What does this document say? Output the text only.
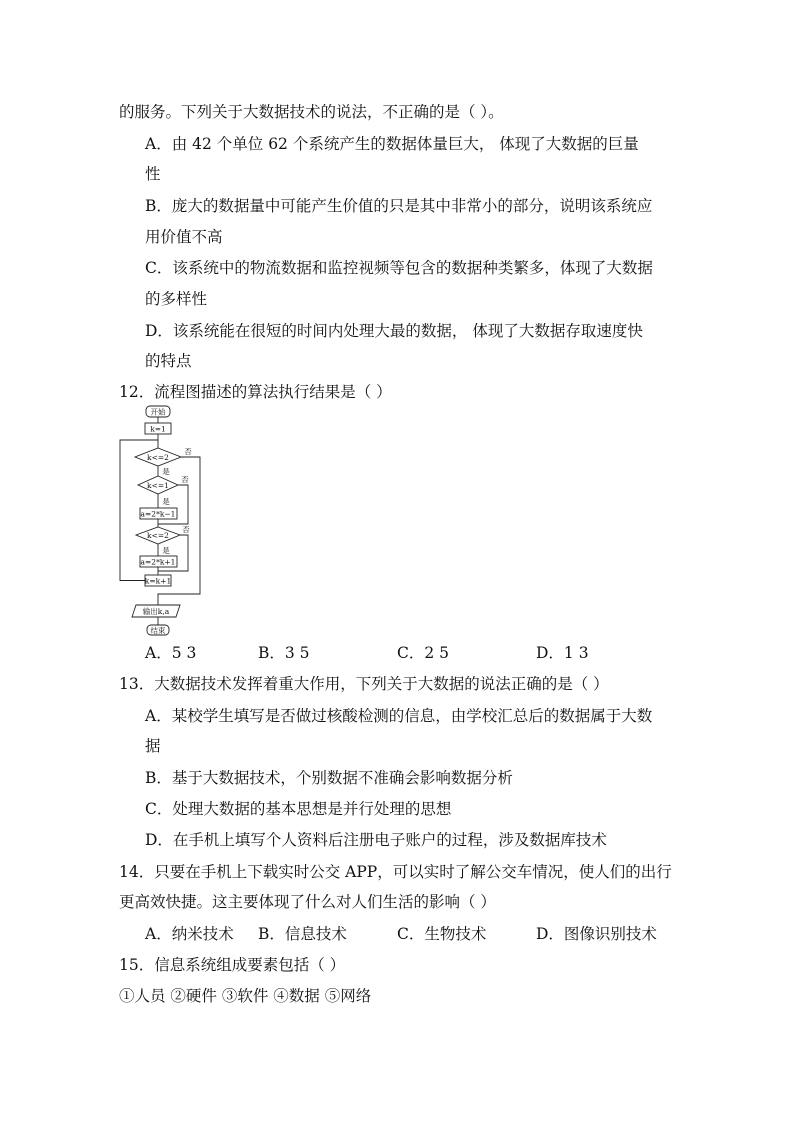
的服务。下列关于大数据技术的说法，不正确的是（ ）。
A．由 42 个单位 62 个系统产生的数据体量巨大， 体现了大数据的巨量
性
B．庞大的数据量中可能产生价值的只是其中非常小的部分，说明该系统应
用价值不高
C．该系统中的物流数据和监控视频等包含的数据种类繁多，体现了大数据
的多样性
D．该系统能在很短的时间内处理大最的数据， 体现了大数据存取速度快
的特点
12．流程图描述的算法执行结果是（ ）
开始
k=1
k<=2
k<=1
a=2*k−1
k<=2
a=2*k+1
k=k+1
输出k,a
结束
是
否
是
否
是
否
A．5 3	B．3 5	C．2 5	D．1 3
13．大数据技术发挥着重大作用，下列关于大数据的说法正确的是（ ）
A．某校学生填写是否做过核酸检测的信息，由学校汇总后的数据属于大数
据
B．基于大数据技术，个别数据不准确会影响数据分析
C．处理大数据的基本思想是并行处理的思想
D．在手机上填写个人资料后注册电子账户的过程，涉及数据库技术
14．只要在手机上下载实时公交 APP，可以实时了解公交车情况，使人们的出行
更高效快捷。这主要体现了什么对人们生活的影响（ ）
A．纳米技术 B．信息技术	C．生物技术	D．图像识别技术
15．信息系统组成要素包括（ ）
①人员 ②硬件 ③软件 ④数据 ⑤网络
